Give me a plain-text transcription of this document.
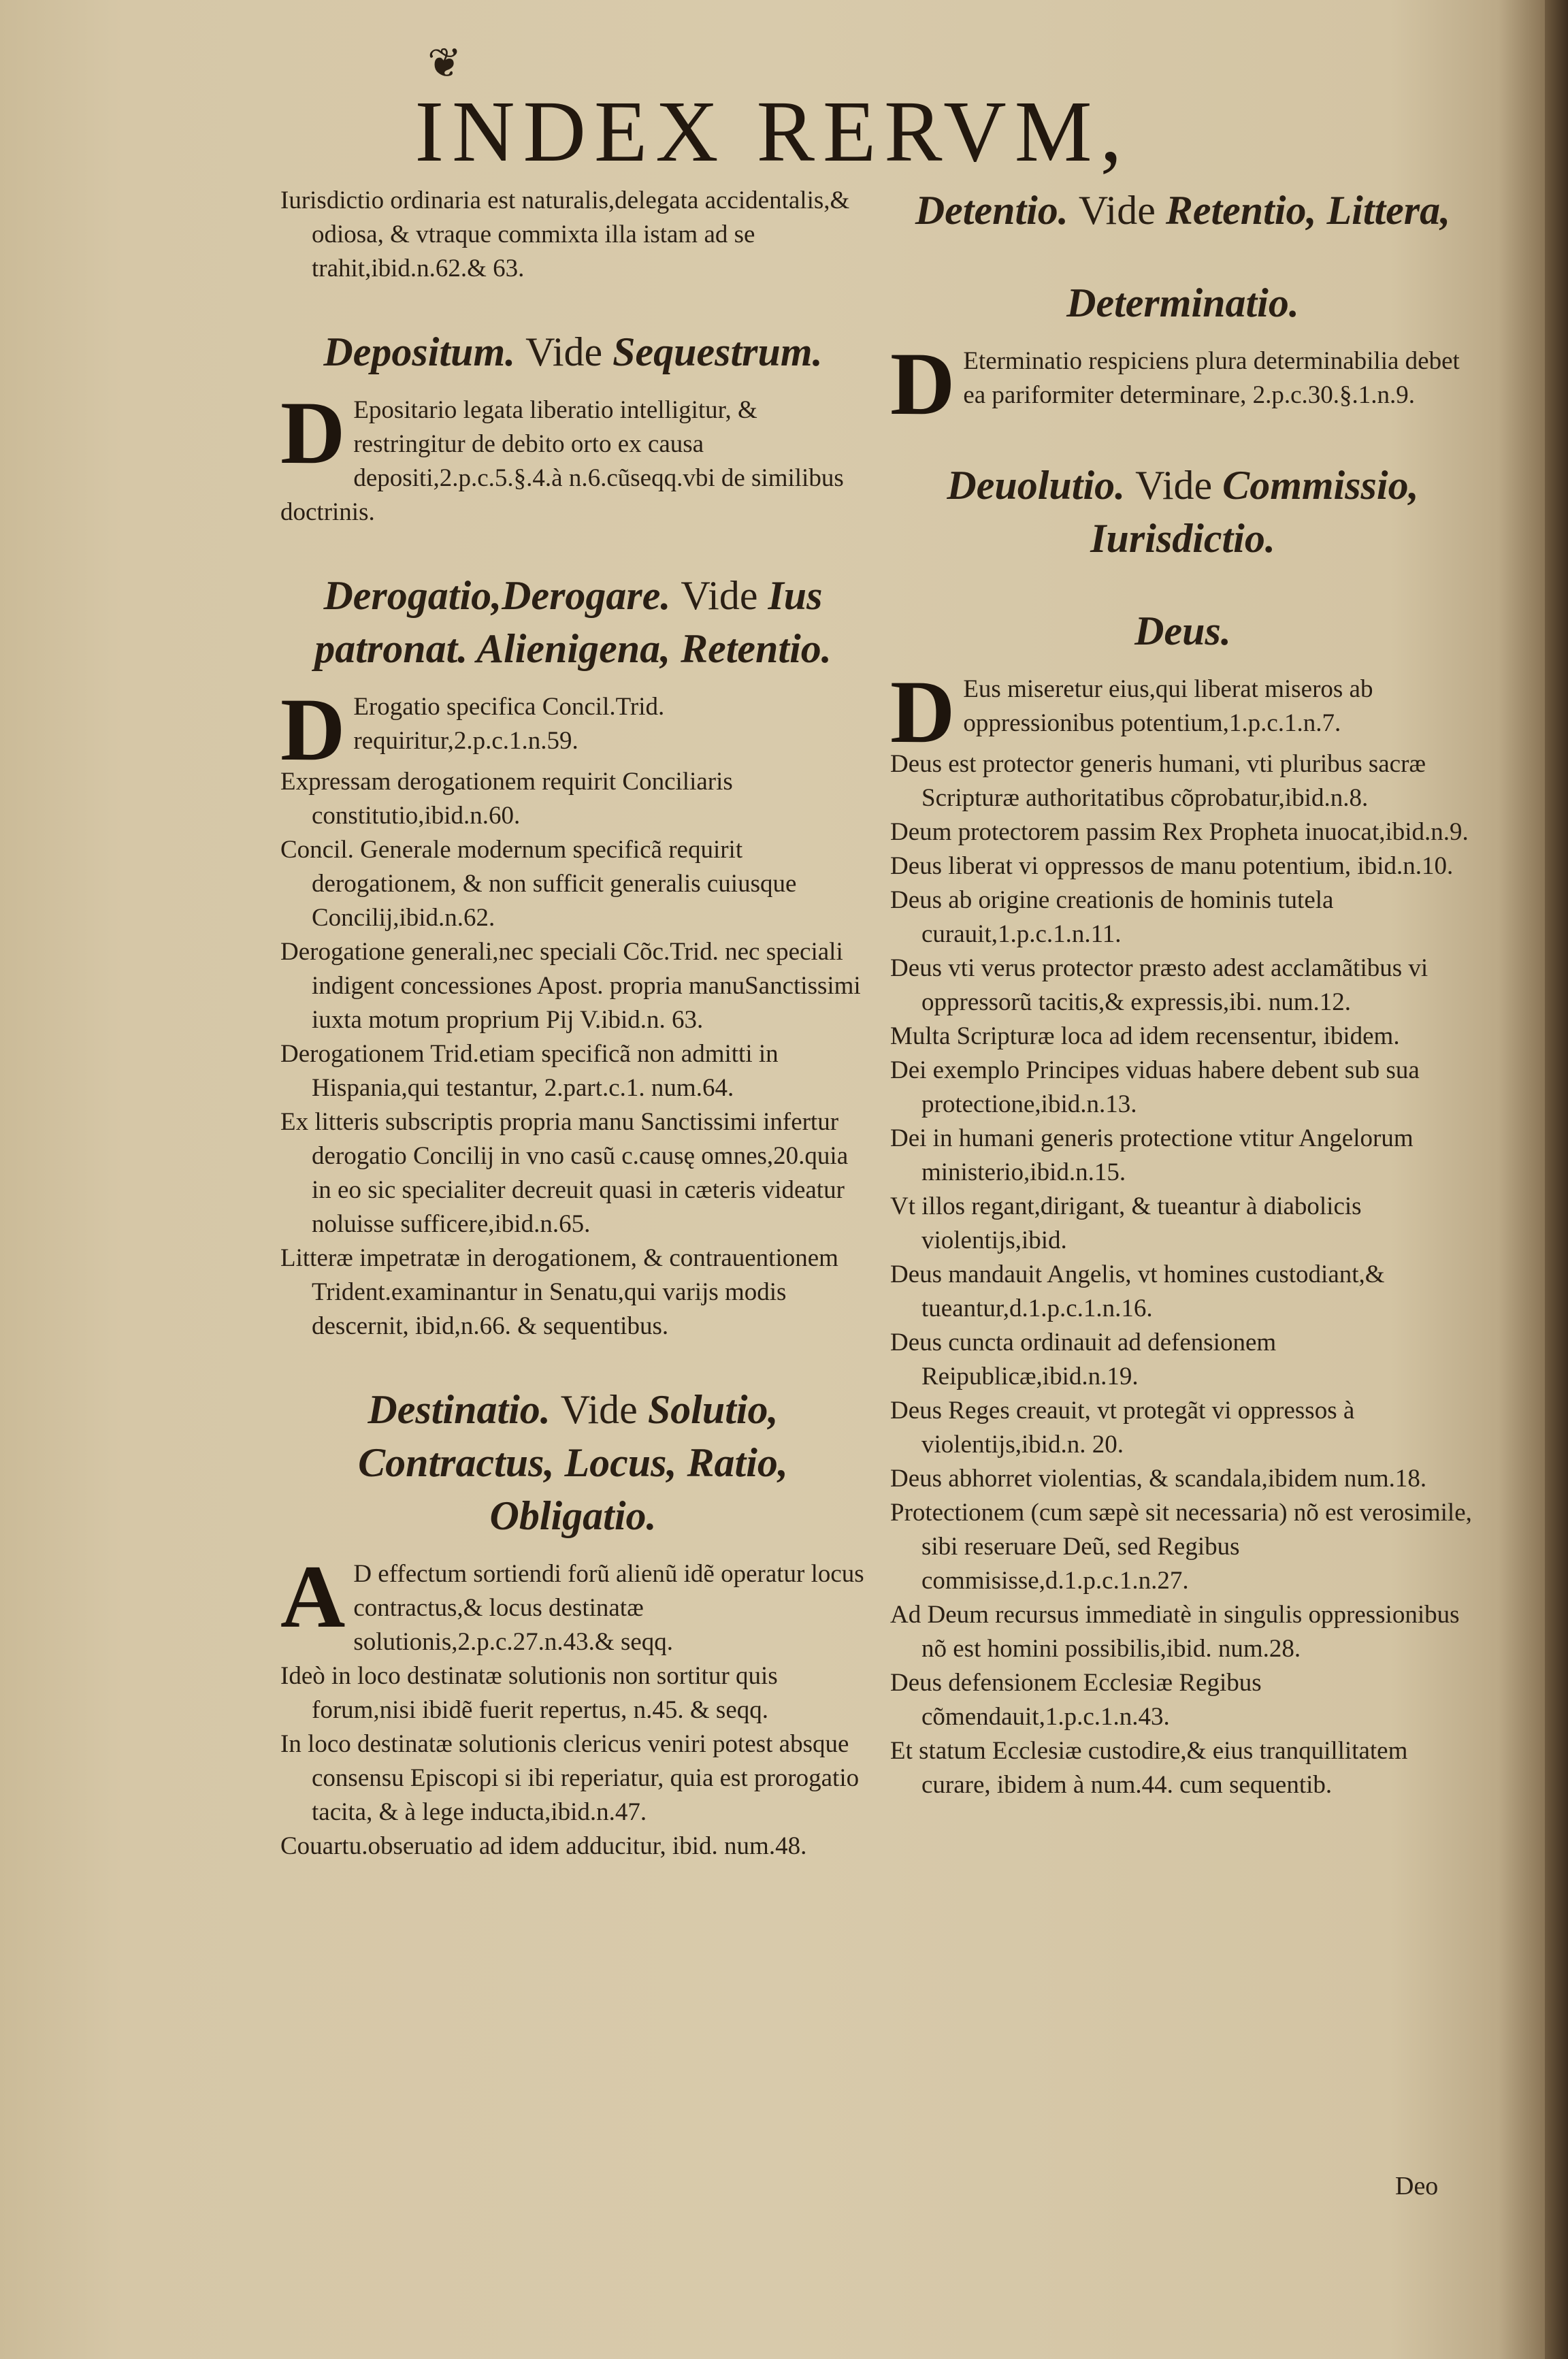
❦
INDEX RERVM,

Iurisdictio ordinaria est naturalis,delegata accidentalis,& odiosa, & vtraque commixta illa istam ad se trahit,ibid.n.62.& 63.

Depositum. Vide Sequestrum.

D Epositario legata liberatio intelligitur, & restringitur de debito orto ex causa depositi,2.p.c.5.§.4.à n.6.cũseqq.vbi de similibus doctrinis.

Derogatio,Derogare. Vide Ius patronat. Alienigena, Retentio.

D Erogatio specifica Concil.Trid. requiritur,2.p.c.1.n.59.

Expressam derogationem requirit Conciliaris constitutio,ibid.n.60.

Concil. Generale modernum specificã requirit derogationem, & non sufficit generalis cuiusque Concilij,ibid.n.62.

Derogatione generali,nec speciali Cõc.Trid. nec speciali indigent concessiones Apost. propria manuSanctissimi iuxta motum proprium Pij V.ibid.n. 63.

Derogationem Trid.etiam specificã non admitti in Hispania,qui testantur, 2.part.c.1. num.64.

Ex litteris subscriptis propria manu Sanctissimi infertur derogatio Concilij in vno casũ c.causę omnes,20.quia in eo sic specialiter decreuit quasi in cæteris videatur noluisse sufficere,ibid.n.65.

Litteræ impetratæ in derogationem, & contrauentionem Trident.examinantur in Senatu,qui varijs modis descernit, ibid,n.66. & sequentibus.

Destinatio. Vide Solutio, Contractus, Locus, Ratio, Obligatio.

A D effectum sortiendi forũ alienũ idẽ operatur locus contractus,& locus destinatæ solutionis,2.p.c.27.n.43.& seqq.

Ideò in loco destinatæ solutionis non sortitur quis forum,nisi ibidẽ fuerit repertus, n.45. & seqq.

In loco destinatæ solutionis clericus veniri potest absque consensu Episcopi si ibi reperiatur, quia est prorogatio tacita, & à lege inducta,ibid.n.47.

Couartu.obseruatio ad idem adducitur, ibid. num.48.

Detentio. Vide Retentio, Littera,
Determinatio.

D Eterminatio respiciens plura determinabilia debet ea pariformiter determinare, 2.p.c.30.§.1.n.9.

Deuolutio. Vide Commissio, Iurisdictio.
Deus.

D Eus miseretur eius,qui liberat miseros ab oppressionibus potentium,1.p.c.1.n.7.

Deus est protector generis humani, vti pluribus sacræ Scripturæ authoritatibus cõprobatur,ibid.n.8.

Deum protectorem passim Rex Propheta inuocat,ibid.n.9.

Deus liberat vi oppressos de manu potentium, ibid.n.10.

Deus ab origine creationis de hominis tutela curauit,1.p.c.1.n.11.

Deus vti verus protector præsto adest acclamãtibus vi oppressorũ tacitis,& expressis,ibi. num.12.

Multa Scripturæ loca ad idem recensentur, ibidem.

Dei exemplo Principes viduas habere debent sub sua protectione,ibid.n.13.

Dei in humani generis protectione vtitur Angelorum ministerio,ibid.n.15.

Vt illos regant,dirigant, & tueantur à diabolicis violentijs,ibid.

Deus mandauit Angelis, vt homines custodiant,& tueantur,d.1.p.c.1.n.16.

Deus cuncta ordinauit ad defensionem Reipublicæ,ibid.n.19.

Deus Reges creauit, vt protegãt vi oppressos à violentijs,ibid.n. 20.

Deus abhorret violentias, & scandala,ibidem num.18.

Protectionem (cum sæpè sit necessaria) nõ est verosimile, sibi reseruare Deũ, sed Regibus commisisse,d.1.p.c.1.n.27.

Ad Deum recursus immediatè in singulis oppressionibus nõ est homini possibilis,ibid. num.28.

Deus defensionem Ecclesiæ Regibus cõmendauit,1.p.c.1.n.43.

Et statum Ecclesiæ custodire,& eius tranquillitatem curare, ibidem à num.44. cum sequentib.

Deo
